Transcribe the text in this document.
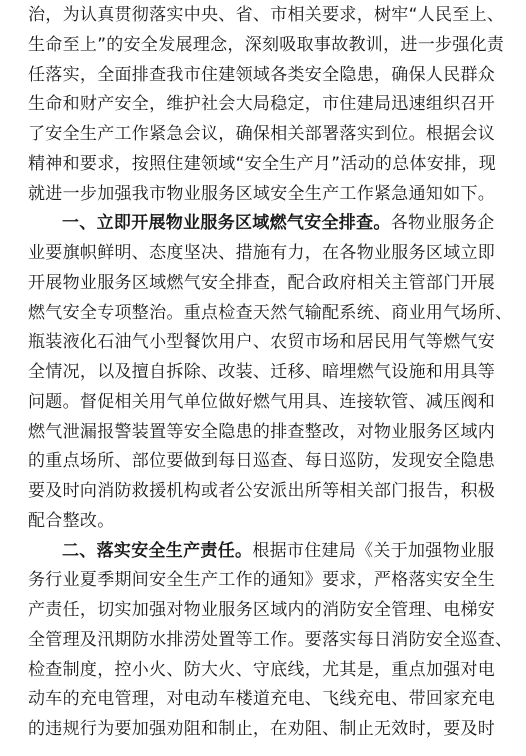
治，为认真贯彻落实中央、省、市相关要求，树牢“人民至上、
生命至上”的安全发展理念，深刻吸取事故教训，进一步强化责
任落实，全面排查我市住建领域各类安全隐患，确保人民群众
生命和财产安全，维护社会大局稳定，市住建局迅速组织召开
了安全生产工作紧急会议，确保相关部署落实到位。根据会议
精神和要求，按照住建领域“安全生产月”活动的总体安排，现
就进一步加强我市物业服务区域安全生产工作紧急通知如下。
一、立即开展物业服务区域燃气安全排查。各物业服务企
业要旗帜鲜明、态度坚决、措施有力，在各物业服务区域立即
开展物业服务区域燃气安全排查，配合政府相关主管部门开展
燃气安全专项整治。重点检查天然气输配系统、商业用气场所、
瓶装液化石油气小型餐饮用户、农贸市场和居民用气等燃气安
全情况，以及擅自拆除、改装、迁移、暗埋燃气设施和用具等
问题。督促相关用气单位做好燃气用具、连接软管、减压阀和
燃气泄漏报警装置等安全隐患的排查整改，对物业服务区域内
的重点场所、部位要做到每日巡查、每日巡防，发现安全隐患
要及时向消防救援机构或者公安派出所等相关部门报告，积极
配合整改。
二、落实安全生产责任。根据市住建局《关于加强物业服
务行业夏季期间安全生产工作的通知》要求，严格落实安全生
产责任，切实加强对物业服务区域内的消防安全管理、电梯安
全管理及汛期防水排涝处置等工作。要落实每日消防安全巡查、
检查制度，控小火、防大火、守底线，尤其是，重点加强对电
动车的充电管理，对电动车楼道充电、飞线充电、带回家充电
的违规行为要加强劝阻和制止，在劝阻、制止无效时，要及时
